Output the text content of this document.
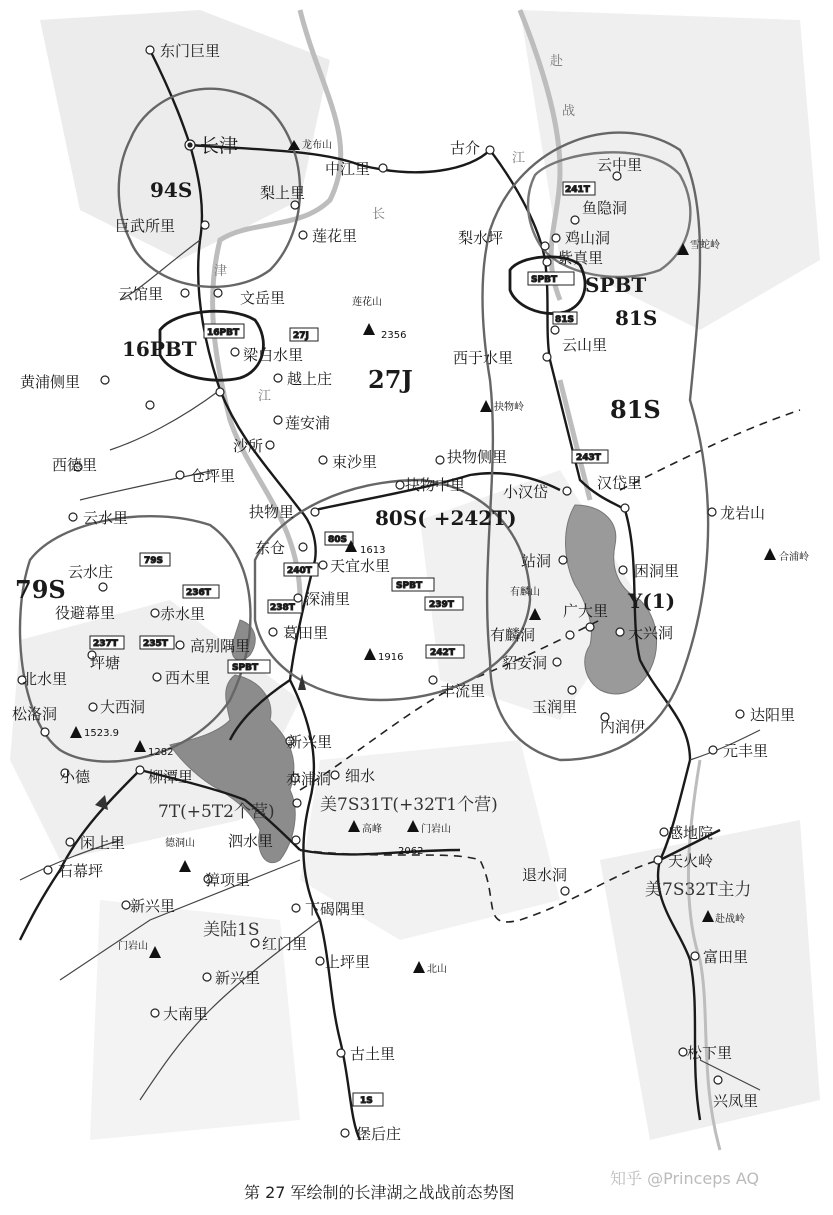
赴
战
江
长
津
江
16PBT	27J
241T
SPBT
81S
243T
80S
240T
SPBT
239T
238T
242T
79S
236T
237T	235T
SPBT
1S
龙布山
莲花山
2356
雪蛇岭
抉物岭
1613
有麟山
合浦岭
1916
1523.9
1282
高峰	门岩山
2062
德洞山
门岩山
北山
赴战岭
东门巨里
长津
中江里
梨上里
莲花里
巨武所里
云馆里	文岳里
古介
云中里
鱼隐洞
梨水坪	鸡山洞
紫真里
云山里
西于水里
梁白水里
越上庄
黄浦侧里
莲安浦
沙所
西德里
仓坪里
束沙里	抉物侧里
抉物中里	小汉岱	汉岱里
龙岩山
云水里	抉物里
东仓
天宜水里
深浦里
葛田里
站洞
困洞里
云水庄
役避幕里	赤水里
高别隅里
广大里
大兴洞
北水里
坪塘
西木里
有麟洞
貂安洞
丰流里
松洛洞	大西洞	玉润里
内润伊
达阳里
新兴里	元丰里
小德	柳潭里	赤浦洞 细水
闲上里
石幕坪
泗水里
退水洞
感地院
天火岭
新兴里
獐项里
下碣隅里
红门里
上坪里	富田里
新兴里
大南里
古土里	松下里
兴凤里
堡后庄
94S
16PBT
27J
SPBT
81S
81S
80S( +242T)
Y(1)
79S
7T(+5T2个营)	美7S31T(+32T1个营)
美7S32T主力
美陆1S
知乎 @Princeps AQ
第 27 军绘制的长津湖之战战前态势图
